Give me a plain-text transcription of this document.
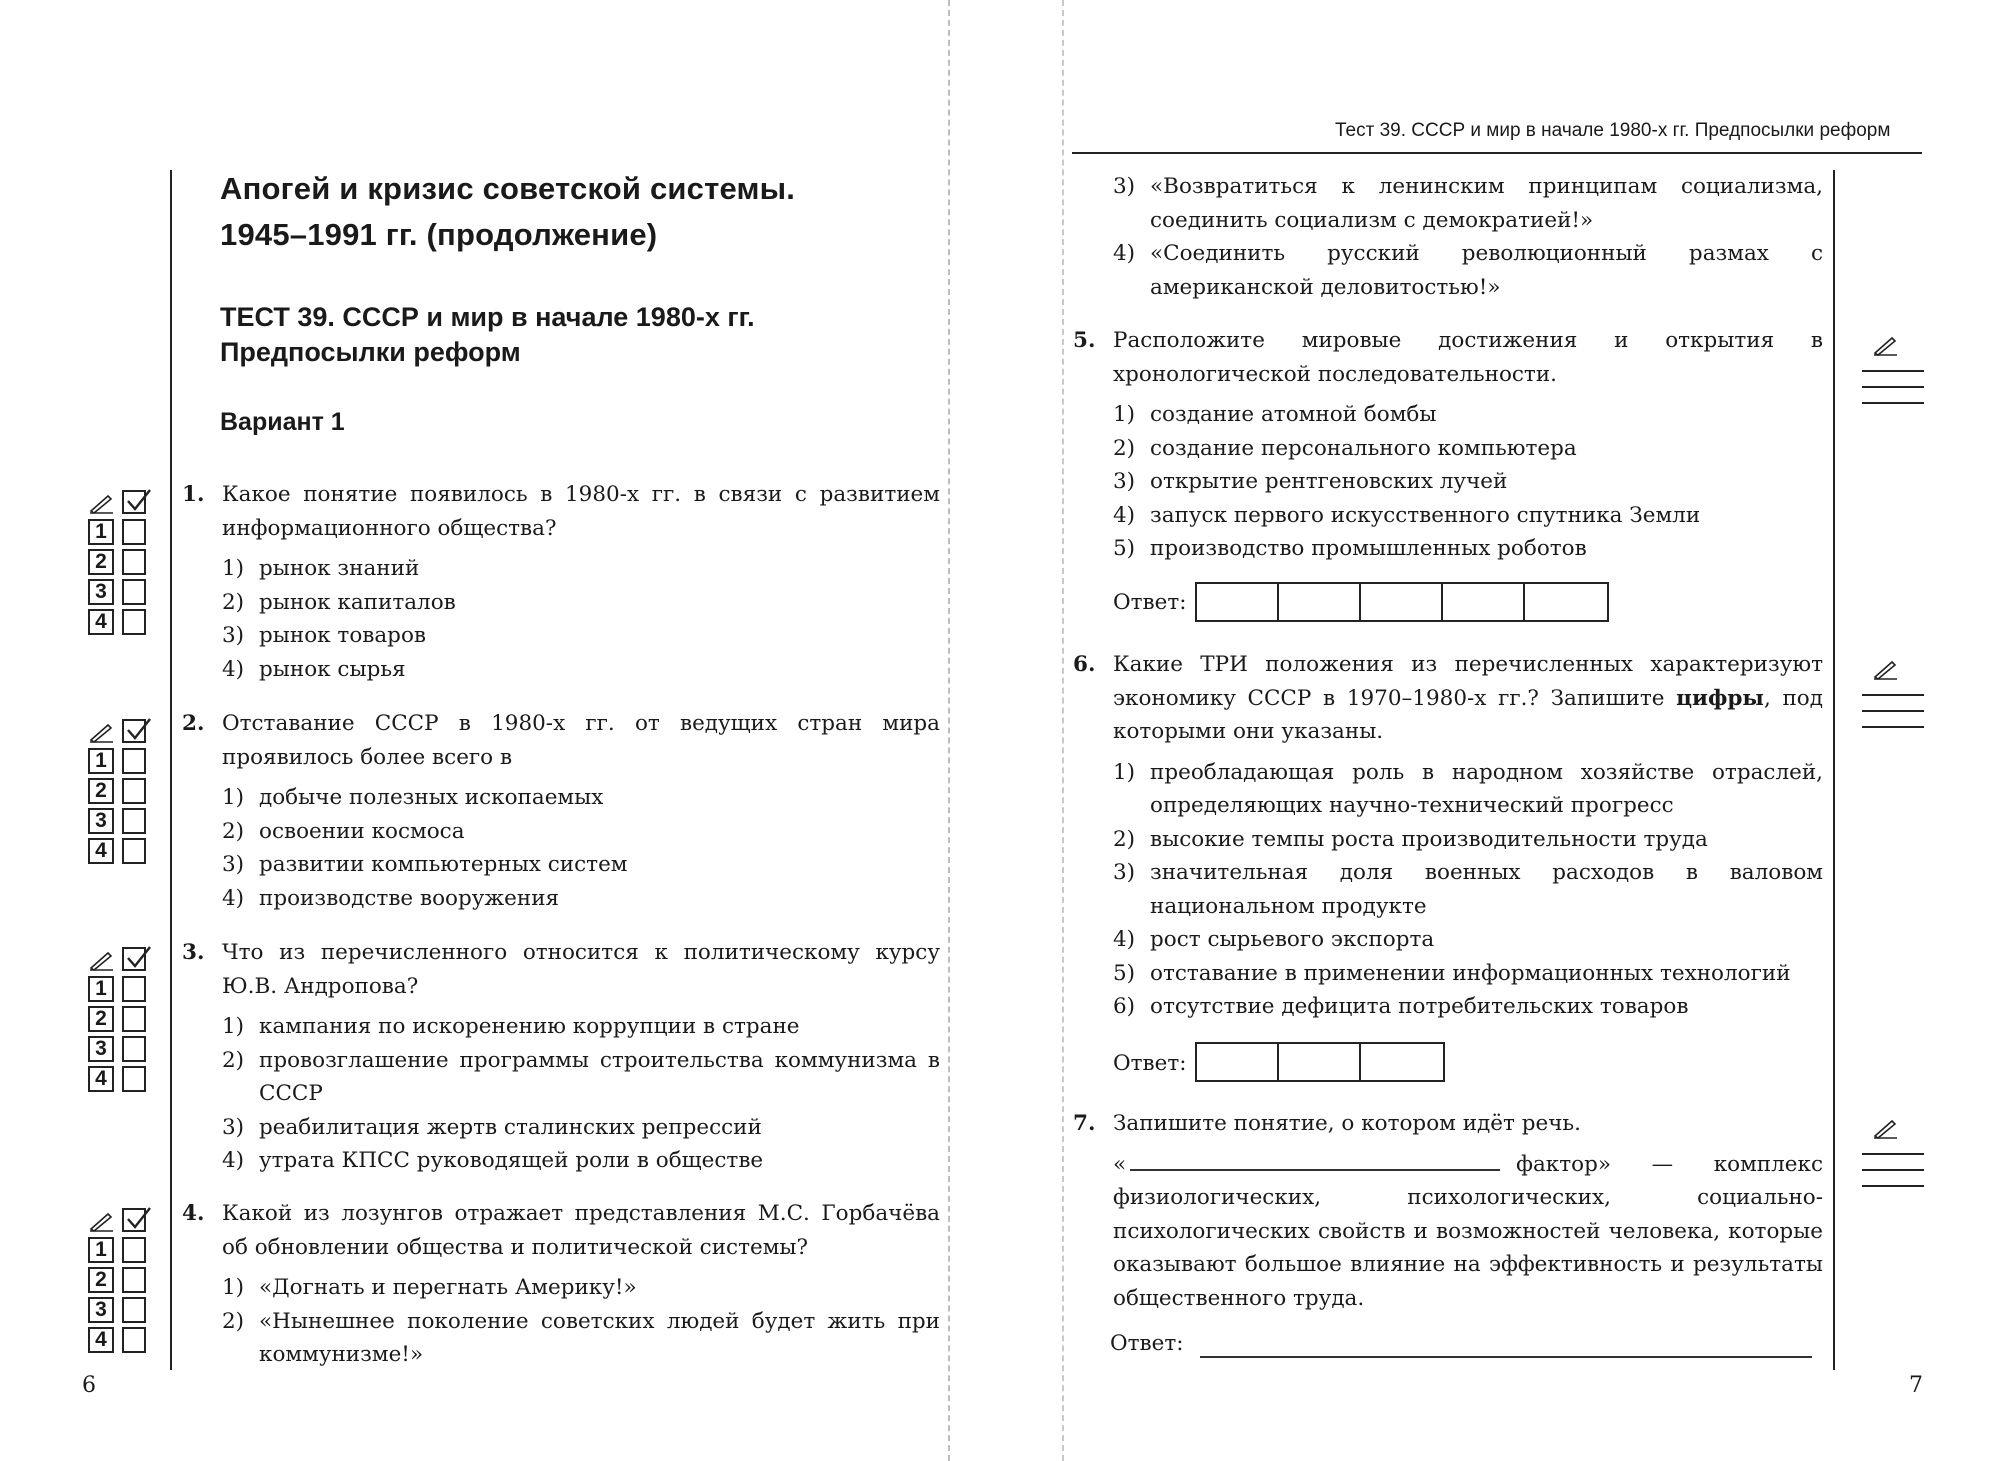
Апогей и кризис советской системы.
1945–1991 гг. (продолжение)
ТЕСТ 39. СССР и мир в начале 1980-х гг.
Предпосылки реформ
Вариант 1
1. Какое понятие появилось в 1980-х гг. в связи с развитием информационного общества?
1) рынок знаний
2) рынок капиталов
3) рынок товаров
4) рынок сырья
2. Отставание СССР в 1980-х гг. от ведущих стран мира проявилось более всего в
1) добыче полезных ископаемых
2) освоении космоса
3) развитии компьютерных систем
4) производстве вооружения
3. Что из перечисленного относится к политическому курсу Ю.В. Андропова?
1) кампания по искоренению коррупции в стране
2) провозглашение программы строительства коммунизма в СССР
3) реабилитация жертв сталинских репрессий
4) утрата КПСС руководящей роли в обществе
4. Какой из лозунгов отражает представления М.С. Горбачёва об обновлении общества и политической системы?
1) «Догнать и перегнать Америку!»
2) «Нынешнее поколение советских людей будет жить при коммунизме!»
1
2
3
4
1
2
3
4
1
2
3
4
1
2
3
4
6
Тест 39. СССР и мир в начале 1980-х гг. Предпосылки реформ
3) «Возвратиться к ленинским принципам социализма, соединить социализм с демократией!»
4) «Соединить русский революционный размах с американской деловитостью!»
5. Расположите мировые достижения и открытия в хронологической последовательности.
1) создание атомной бомбы
2) создание персонального компьютера
3) открытие рентгеновских лучей
4) запуск первого искусственного спутника Земли
5) производство промышленных роботов
Ответ:
6. Какие ТРИ положения из перечисленных характеризуют экономику СССР в 1970–1980-х гг.? Запишите цифры, под которыми они указаны.
1) преобладающая роль в народном хозяйстве отраслей, определяющих научно-технический прогресс
2) высокие темпы роста производительности труда
3) значительная доля военных расходов в валовом национальном продукте
4) рост сырьевого экспорта
5) отставание в применении информационных технологий
6) отсутствие дефицита потребительских товаров
Ответ:
7. Запишите понятие, о котором идёт речь.
«	фактор» — комплекс физиологических, психологических, социально-психологических свойств и возможностей человека, которые оказывают большое влияние на эффективность и результаты общественного труда.
Ответ:
7
